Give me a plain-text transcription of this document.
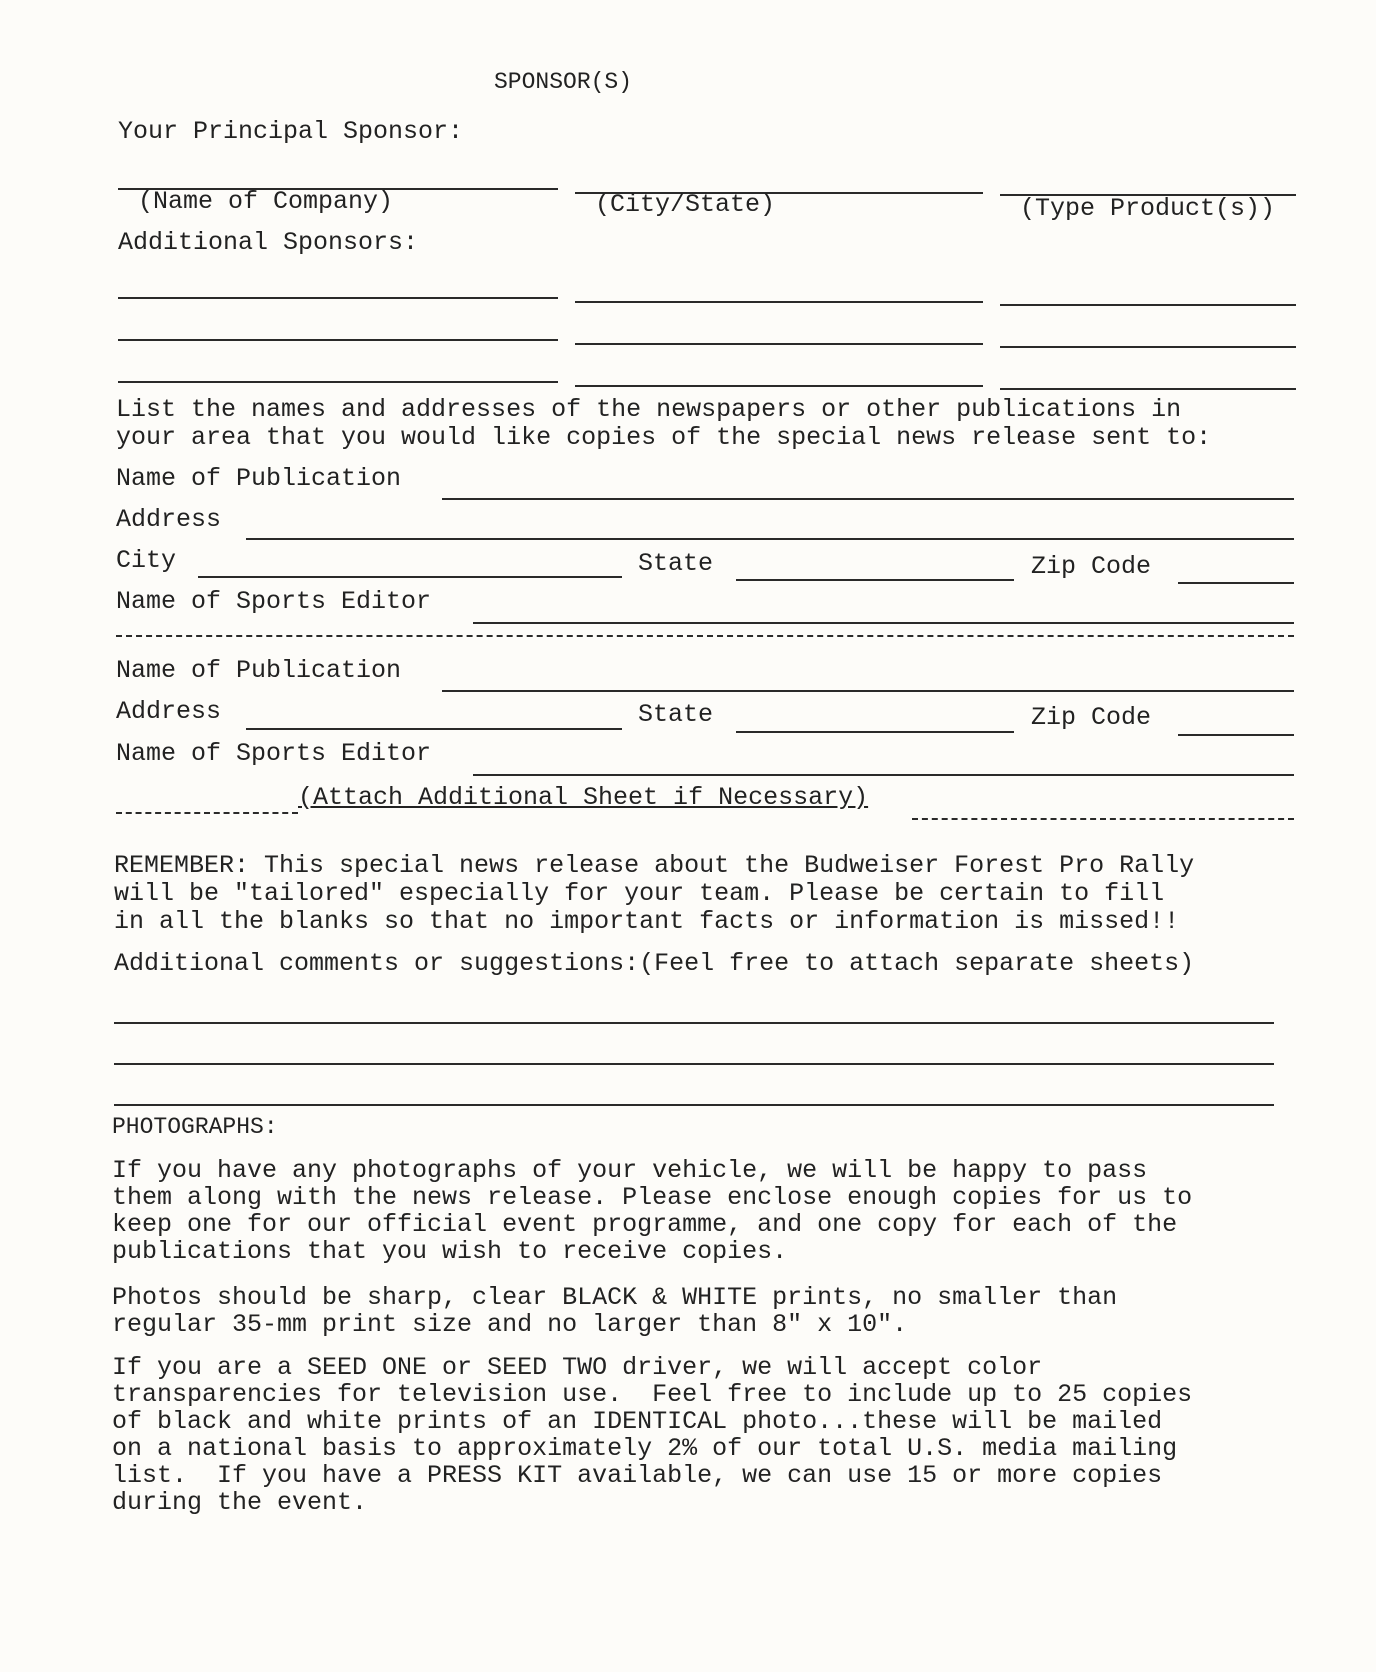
SPONSOR(S)
Your Principal Sponsor:
(Name of Company)	(City/State)	(Type Product(s))
Additional Sponsors:
List the names and addresses of the newspapers or other publications in
your area that you would like copies of the special news release sent to:
Name of Publication
Address
City	State	Zip Code
Name of Sports Editor
Name of Publication
Address	State	Zip Code
Name of Sports Editor
(Attach Additional Sheet if Necessary)
REMEMBER: This special news release about the Budweiser Forest Pro Rally
will be "tailored" especially for your team. Please be certain to fill
in all the blanks so that no important facts or information is missed!!
Additional comments or suggestions:(Feel free to attach separate sheets)
PHOTOGRAPHS:
If you have any photographs of your vehicle, we will be happy to pass
them along with the news release. Please enclose enough copies for us to
keep one for our official event programme, and one copy for each of the
publications that you wish to receive copies.
Photos should be sharp, clear BLACK & WHITE prints, no smaller than
regular 35-mm print size and no larger than 8" x 10".
If you are a SEED ONE or SEED TWO driver, we will accept color
transparencies for television use.  Feel free to include up to 25 copies
of black and white prints of an IDENTICAL photo...these will be mailed
on a national basis to approximately 2% of our total U.S. media mailing
list.  If you have a PRESS KIT available, we can use 15 or more copies
during the event.
